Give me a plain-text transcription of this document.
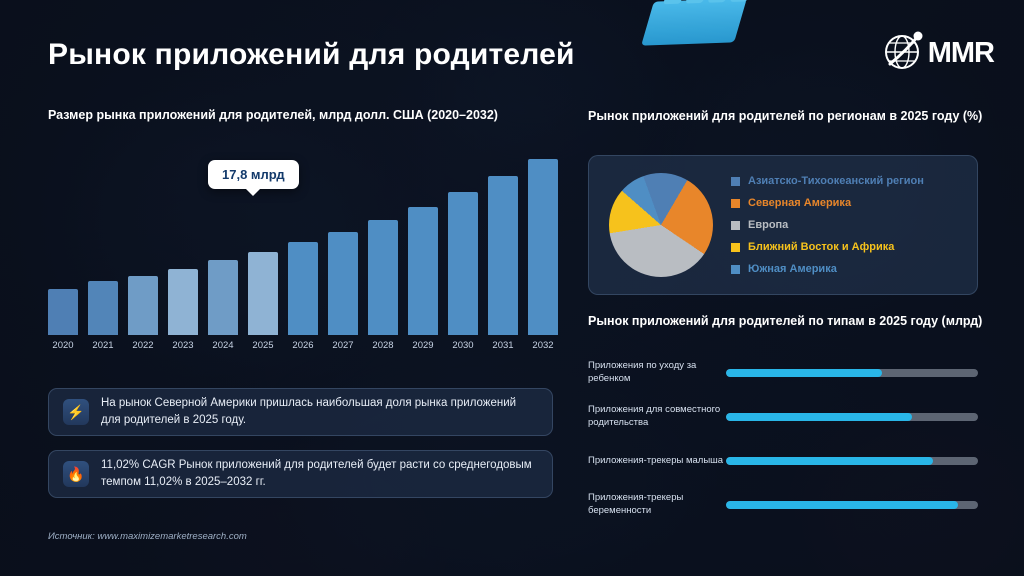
Рынок приложений для родителей	MMR
Размер рынка приложений для родителей, млрд долл. США (2020–2032)
2020	2021	2022	2023	2024	2025	2026	2027	2028	2029	2030	2031	2032
17,8 млрд
⚡
На рынок Северной Америки пришлась наибольшая доля рынка приложений для родителей в 2025 году.
🔥
11,02% CAGR Рынок приложений для родителей будет расти со среднегодовым темпом 11,02% в 2025–2032 гг.
Источник: www.maximizemarketresearch.com
Рынок приложений для родителей по регионам в 2025 году (%)
Азиатско-Тихоокеанский регион
Северная Америка
Европа
Ближний Восток и Африка
Южная Америка
Рынок приложений для родителей по типам в 2025 году (млрд)
Приложения по уходу за ребенком
Приложения для совместного родительства
Приложения-трекеры малыша
Приложения-трекеры беременности
